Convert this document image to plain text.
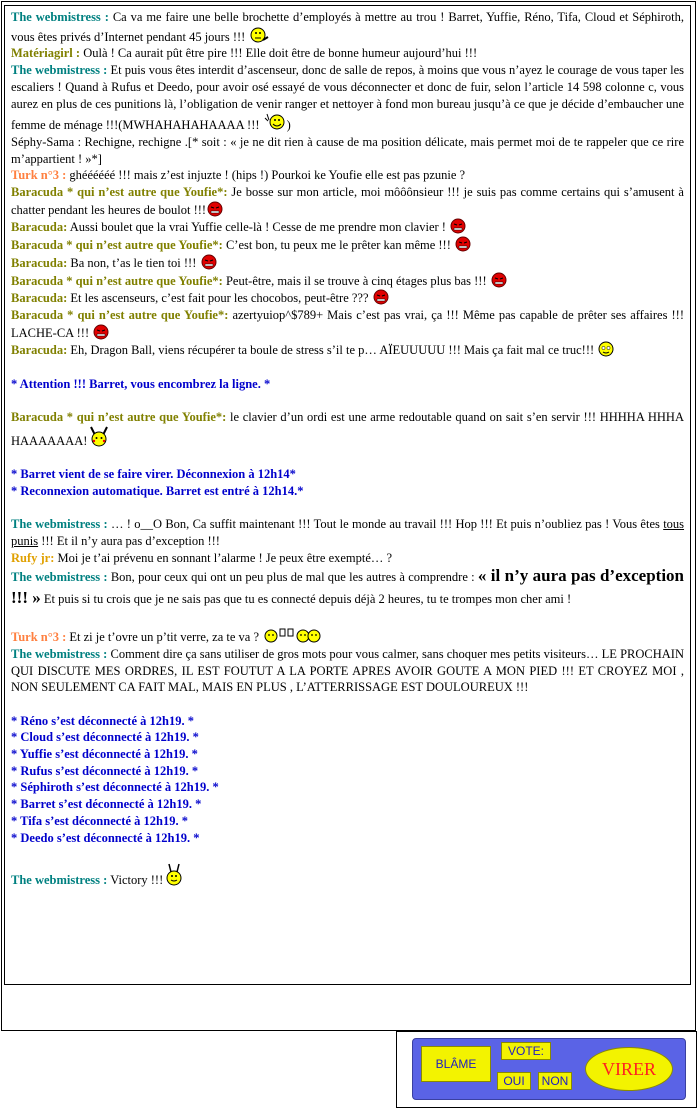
The webmistress : Ca va me faire une belle brochette d’employés à mettre au trou ! Barret, Yuffie, Réno, Tifa, Cloud et Séphiroth, vous êtes privés d’Internet pendant 45 jours !!!

Matériagirl : Oulà ! Ca aurait pût être pire !!! Elle doit être de bonne humeur aujourd’hui !!!

The webmistress : Et puis vous êtes interdit d’ascenseur, donc de salle de repos, à moins que vous n’ayez le courage de vous taper les escaliers ! Quand à Rufus et Deedo, pour avoir osé essayé de vous déconnecter et donc de fuir, selon l’article 14 598 colonne c, vous aurez en plus de ces punitions là, l’obligation de venir ranger et nettoyer à fond mon bureau jusqu’à ce que je décide d’embaucher une femme de ménage !!!(MWHAHAHAHAAAA !!! )

Séphy-Sama : Rechigne, rechigne .[* soit : « je ne dit rien à cause de ma position délicate, mais permet moi de te rappeler que ce rire m’appartient ! »*]

Turk n°3 : ghéééééé !!! mais z’est injuzte ! (hips !) Pourkoi ke Youfie elle est pas pzunie ?

Baracuda * qui n’est autre que Youfie*: Je bosse sur mon article, moi môôônsieur !!! je suis pas comme certains qui s’amusent à chatter pendant les heures de boulot !!!

Baracuda: Aussi boulet que la vrai Yuffie celle-là ! Cesse de me prendre mon clavier !

Baracuda * qui n’est autre que Youfie*: C’est bon, tu peux me le prêter kan même !!!

Baracuda: Ba non, t’as le tien toi !!!

Baracuda * qui n’est autre que Youfie*: Peut-être, mais il se trouve à cinq étages plus bas !!!

Baracuda: Et les ascenseurs, c’est fait pour les chocobos, peut-être ???

Baracuda * qui n’est autre que Youfie*: azertyuiop^$789+ Mais c’est pas vrai, ça !!! Même pas capable de prêter ses affaires !!! LACHE-CA !!!

Baracuda: Eh, Dragon Ball, viens récupérer ta boule de stress s’il te p… AÏEUUUUU !!! Mais ça fait mal ce truc!!!

* Attention !!! Barret, vous encombrez la ligne. *

Baracuda * qui n’est autre que Youfie*: le clavier d’un ordi est une arme redoutable quand on sait s’en servir !!! HHHHA HHHA HAAAAAAA!

* Barret vient de se faire virer. Déconnexion à 12h14*

* Reconnexion automatique. Barret est entré à 12h14.*

The webmistress : … ! o__O Bon, Ca suffit maintenant !!! Tout le monde au travail !!! Hop !!! Et puis n’oubliez pas ! Vous êtes tous punis !!! Et il n’y aura pas d’exception !!!

Rufy jr: Moi je t’ai prévenu en sonnant l’alarme ! Je peux être exempté… ?

The webmistress : Bon, pour ceux qui ont un peu plus de mal que les autres à comprendre : « il n’y aura pas d’exception !!! » Et puis si tu crois que je ne sais pas que tu es connecté depuis déjà 2 heures, tu te trompes mon cher ami !

Turk n°3 : Et zi je t’ovre un p’tit verre, za te va ?

The webmistress : Comment dire ça sans utiliser de gros mots pour vous calmer, sans choquer mes petits visiteurs… LE PROCHAIN QUI DISCUTE MES ORDRES, IL EST FOUTUT A LA PORTE APRES AVOIR GOUTE A MON PIED !!! ET CROYEZ MOI , NON SEULEMENT CA FAIT MAL, MAIS EN PLUS , L’ATTERRISSAGE EST DOULOUREUX !!!

* Réno s’est déconnecté à 12h19. *

* Cloud s’est déconnecté à 12h19. *

* Yuffie s’est déconnecté à 12h19. *

* Rufus s’est déconnecté à 12h19. *

* Séphiroth s’est déconnecté à 12h19. *

* Barret s’est déconnecté à 12h19. *

* Tifa s’est déconnecté à 12h19. *

* Deedo s’est déconnecté à 12h19. *

The webmistress : Victory !!!

BLÂME
VOTE:
OUI	NON
VIRER
